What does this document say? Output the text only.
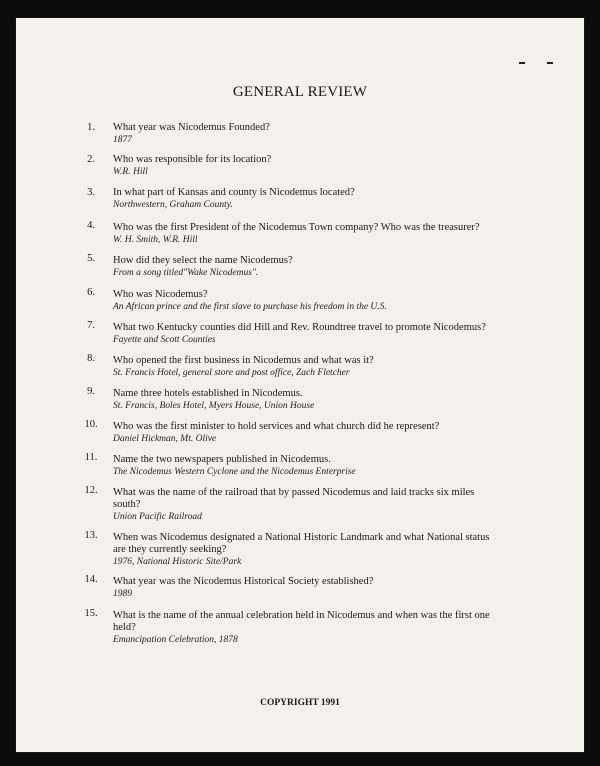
GENERAL REVIEW
1.	What year was Nicodemus Founded?
1877
2.	Who was responsible for its location?
W.R. Hill
3.	In what part of Kansas and county is Nicodemus located?
Northwestern, Graham County.
4.	Who was the first President of the Nicodemus Town company? Who was the treasurer?
W. H. Smith, W.R. Hill
5.	How did they select the name Nicodemus?
From a song titled"Wake Nicodemus".
6.	Who was Nicodemus?
An African prince and the first slave to purchase his freedom in the U.S.
7.	What two Kentucky counties did Hill and Rev. Roundtree travel to promote Nicodemus?
Fayette and Scott Counties
8.	Who opened the first business in Nicodemus and what was it?
St. Francis Hotel, general store and post office, Zach Fletcher
9.	Name three hotels established in Nicodemus.
St. Francis, Boles Hotel, Myers House, Union House
10.	Who was the first minister to hold services and what church did he represent?
Daniel Hickman, Mt. Olive
11.	Name the two newspapers published in Nicodemus.
The Nicodemus Western Cyclone and the Nicodemus Enterprise
12.	What was the name of the railroad that by passed Nicodemus and laid tracks six miles south?
Union Pacific Railroad
13.	When was Nicodemus designated a National Historic Landmark and what National status are they currently seeking?
1976, National Historic Site/Park
14.	What year was the Nicodemus Historical Society established?
1989
15.	What is the name of the annual celebration held in Nicodemus and when was the first one held?
Emancipation Celebration, 1878
COPYRIGHT 1991
